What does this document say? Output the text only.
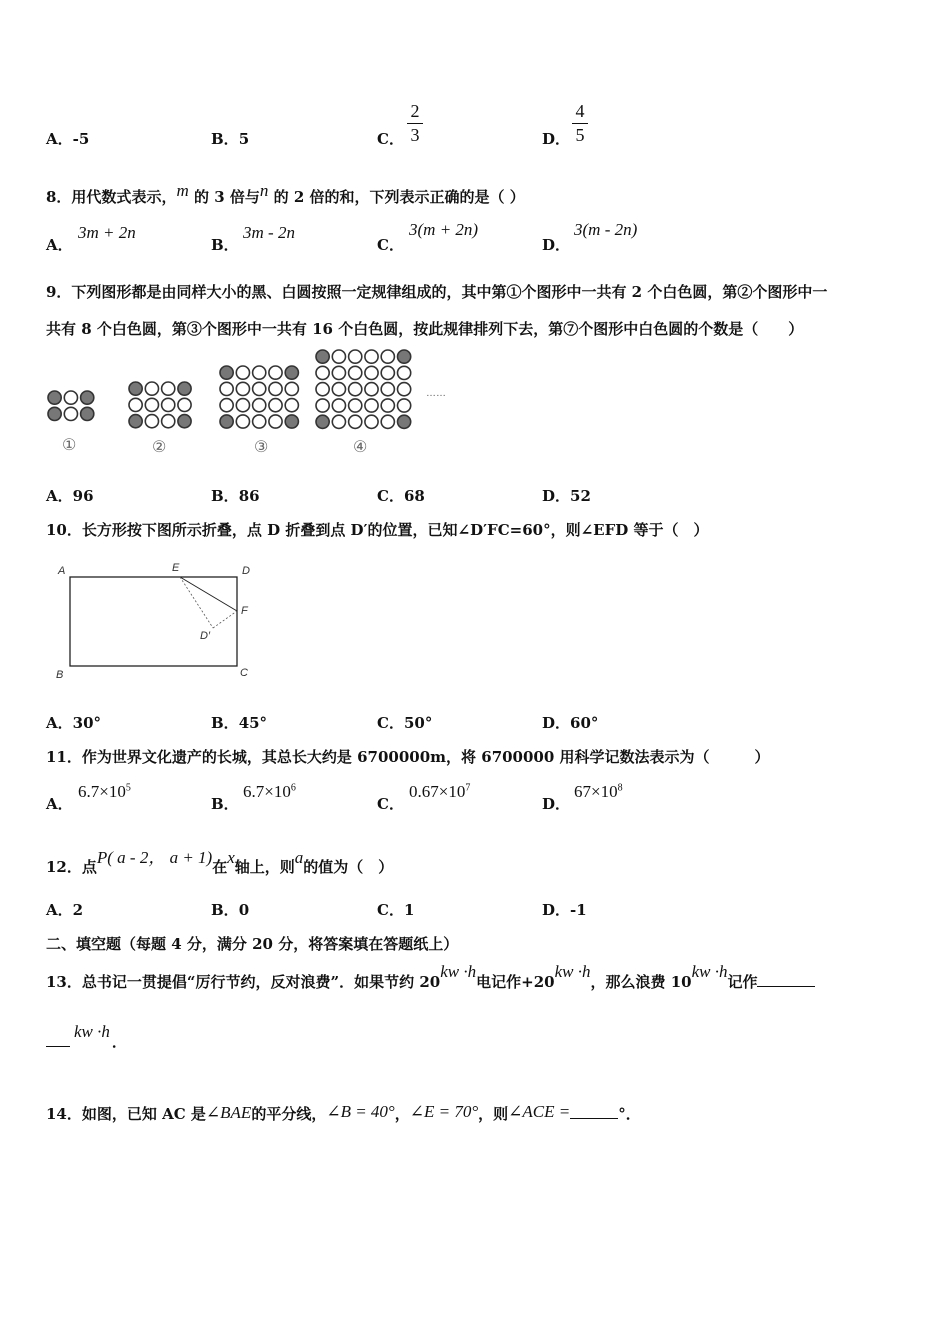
A．-5	B．5	C．
2
3	D．
4
5
8．用代数式表示，m 的 3 倍与n 的 2 倍的和，下列表示正确的是（ ）
A．
3m + 2n
B．
3m - 2n
C．
3(m + 2n)
D．
3(m - 2n)
9．下列图形都是由同样大小的黑、白圆按照一定规律组成的，其中第①个图形中一共有 2 个白色圆，第②个图形中一
共有 8 个白色圆，第③个图形中一共有 16 个白色圆，按此规律排列下去，第⑦个图形中白色圆的个数是（　　）
①	②	③	④
……
A．96	B．86	C．68	D．52
10．长方形按下图所示折叠，点 D 折叠到点 D′的位置，已知∠D′FC=60°，则∠EFD 等于（　）
A	E	D
F
D′
B	C
A．30°	B．45°	C．50°	D．60°
11．作为世界文化遗产的长城，其总长大约是 6700000m，将 6700000 用科学记数法表示为（　　　）
A．
$6.7\times 10^5$
B．
$6.7\times 10^6$
C．
$0.67\times 10^7$
D．
$67\times 10^8$
12．点P( a - 2， a + 1)在x轴上，则a的值为（　）
A．2	B．0	C．1	D．-1
二、填空题（每题 4 分，满分 20 分，将答案填在答题纸上）
13．总书记一贯提倡“厉行节约，反对浪费”．如果节约 20kw ·h电记作+20kw ·h，那么浪费 10kw ·h记作
kw ·h．
14．如图，已知 AC 是∠BAE的平分线，∠B = 40°，∠E = 70°，则∠ACE =	°．
